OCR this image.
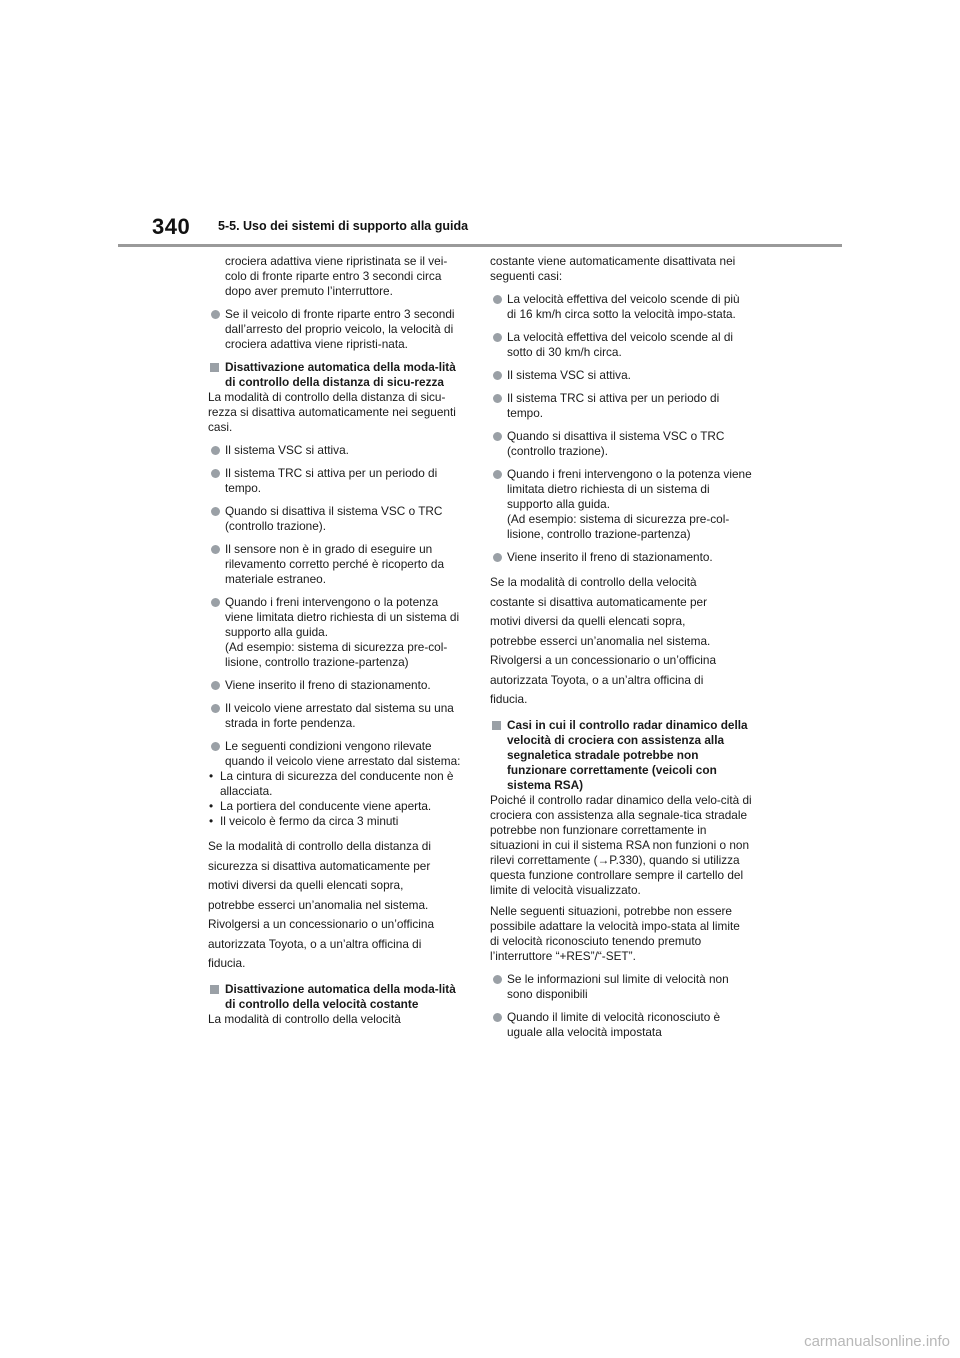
340 5-5. Uso dei sistemi di supporto alla guida

crociera adattiva viene ripristinata se il vei-colo di fronte riparte entro 3 secondi circa dopo aver premuto l’interruttore.

Se il veicolo di fronte riparte entro 3 secondi dall’arresto del proprio veicolo, la velocità di crociera adattiva viene ripristi-nata.
Disattivazione automatica della moda-lità di controllo della distanza di sicu-rezza

La modalità di controllo della distanza di sicu-rezza si disattiva automaticamente nei seguenti casi.

Il sistema VSC si attiva.
Il sistema TRC si attiva per un periodo di tempo.
Quando si disattiva il sistema VSC o TRC (controllo trazione).
Il sensore non è in grado di eseguire un rilevamento corretto perché è ricoperto da materiale estraneo.
Quando i freni intervengono o la potenza viene limitata dietro richiesta di un sistema di supporto alla guida.
(Ad esempio: sistema di sicurezza pre-col-lisione, controllo trazione-partenza)
Viene inserito il freno di stazionamento.
Il veicolo viene arrestato dal sistema su una strada in forte pendenza.
Le seguenti condizioni vengono rilevate quando il veicolo viene arrestato dal sistema:

• La cintura di sicurezza del conducente non è allacciata.

• La portiera del conducente viene aperta.

• Il veicolo è fermo da circa 3 minuti

Se la modalità di controllo della distanza di

sicurezza si disattiva automaticamente per

motivi diversi da quelli elencati sopra,

potrebbe esserci un’anomalia nel sistema.

Rivolgersi a un concessionario o un’officina

autorizzata Toyota, o a un’altra officina di

fiducia.

Disattivazione automatica della moda-lità di controllo della velocità costante

La modalità di controllo della velocità

costante viene automaticamente disattivata nei seguenti casi:

La velocità effettiva del veicolo scende di più di 16 km/h circa sotto la velocità impo-stata.
La velocità effettiva del veicolo scende al di sotto di 30 km/h circa.
Il sistema VSC si attiva.
Il sistema TRC si attiva per un periodo di tempo.
Quando si disattiva il sistema VSC o TRC (controllo trazione).
Quando i freni intervengono o la potenza viene limitata dietro richiesta di un sistema di supporto alla guida.
(Ad esempio: sistema di sicurezza pre-col-lisione, controllo trazione-partenza)
Viene inserito il freno di stazionamento.

Se la modalità di controllo della velocità

costante si disattiva automaticamente per

motivi diversi da quelli elencati sopra,

potrebbe esserci un’anomalia nel sistema.

Rivolgersi a un concessionario o un’officina

autorizzata Toyota, o a un’altra officina di

fiducia.

Casi in cui il controllo radar dinamico della velocità di crociera con assistenza alla segnaletica stradale potrebbe non funzionare correttamente (veicoli con sistema RSA)

Poiché il controllo radar dinamico della velo-cità di crociera con assistenza alla segnale-tica stradale potrebbe non funzionare correttamente in situazioni in cui il sistema RSA non funzioni o non rilevi correttamente (→P.330), quando si utilizza questa funzione controllare sempre il cartello del limite di velocità visualizzato.

Nelle seguenti situazioni, potrebbe non essere possibile adattare la velocità impo-stata al limite di velocità riconosciuto tenendo premuto l’interruttore “+RES”/“-SET”.

Se le informazioni sul limite di velocità non sono disponibili
Quando il limite di velocità riconosciuto è uguale alla velocità impostata
carmanualsonline.info
